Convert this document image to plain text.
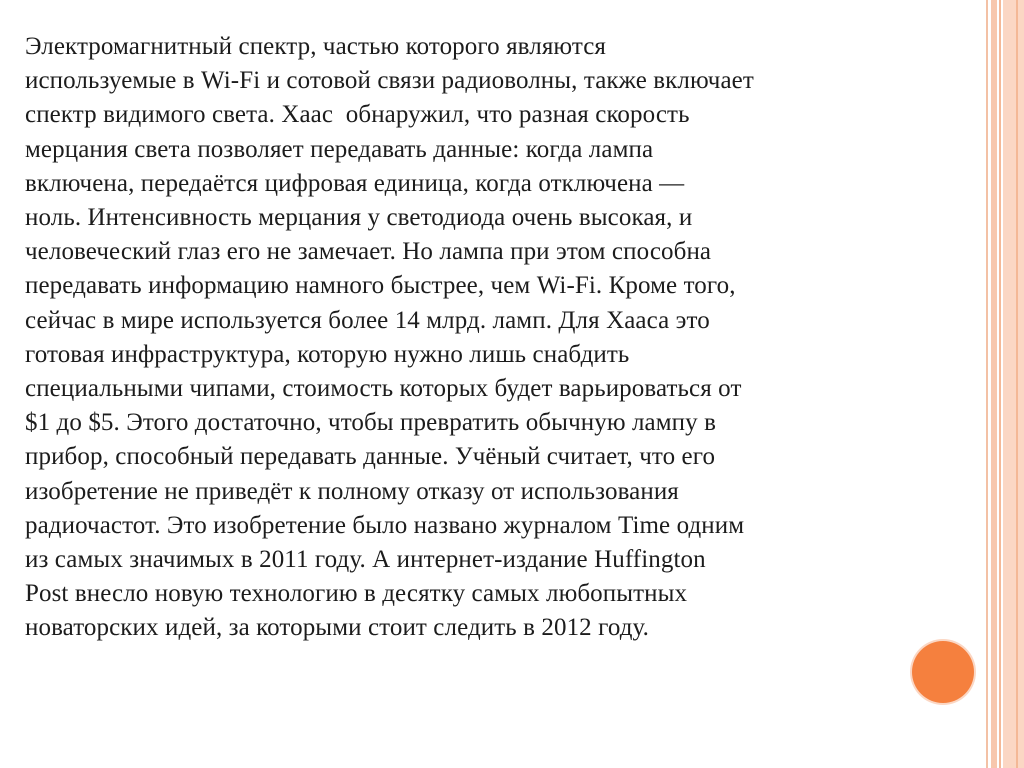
Электромагнитный спектр, частью которого являются
используемые в Wi-Fi и сотовой связи радиоволны, также включает
спектр видимого света. Хаас  обнаружил, что разная скорость
мерцания света позволяет передавать данные: когда лампа
включена, передаётся цифровая единица, когда отключена —
ноль. Интенсивность мерцания у светодиода очень высокая, и
человеческий глаз его не замечает. Но лампа при этом способна
передавать информацию намного быстрее, чем Wi-Fi. Кроме того,
сейчас в мире используется более 14 млрд. ламп. Для Хааса это
готовая инфраструктура, которую нужно лишь снабдить
специальными чипами, стоимость которых будет варьироваться от
$1 до $5. Этого достаточно, чтобы превратить обычную лампу в
прибор, способный передавать данные. Учёный считает, что его
изобретение не приведёт к полному отказу от использования
радиочастот. Это изобретение было названо журналом Time одним
из самых значимых в 2011 году. А интернет-издание Huffington
Post внесло новую технологию в десятку самых любопытных
новаторских идей, за которыми стоит следить в 2012 году.
